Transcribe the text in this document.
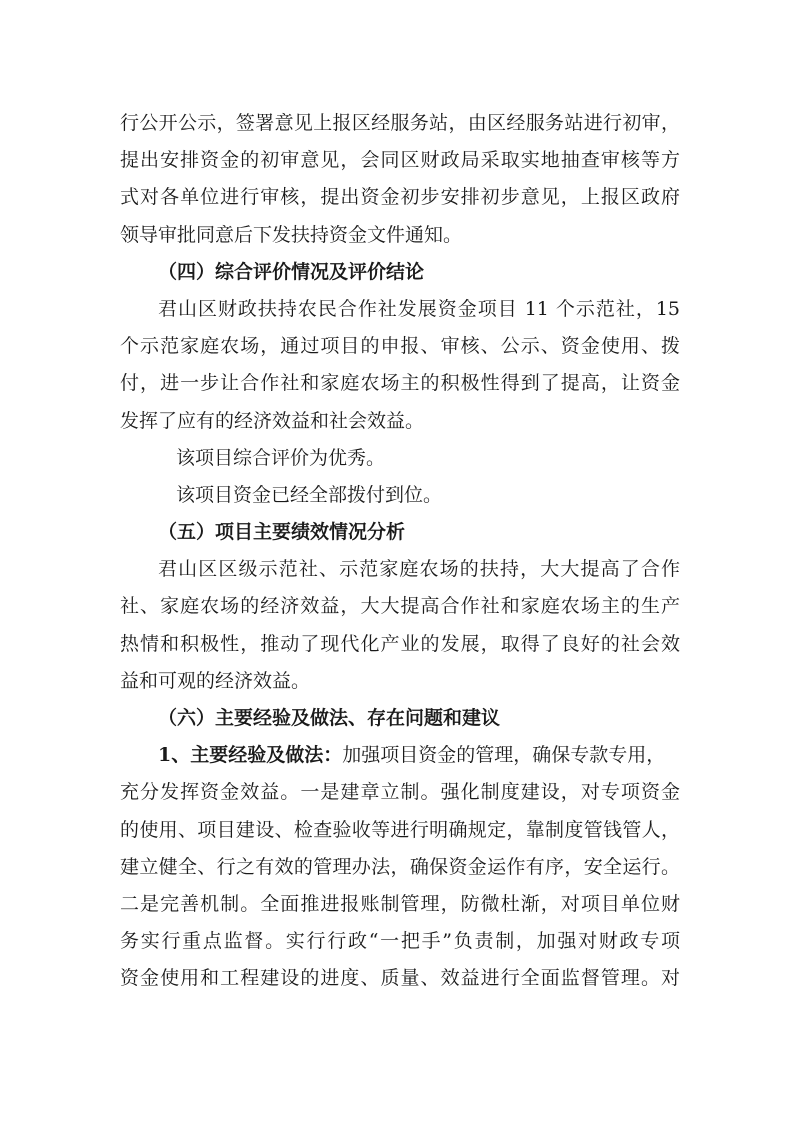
行公开公示，签署意见上报区经服务站，由区经服务站进行初审，
提出安排资金的初审意见，会同区财政局采取实地抽查审核等方
式对各单位进行审核，提出资金初步安排初步意见，上报区政府
领导审批同意后下发扶持资金文件通知。
（四）综合评价情况及评价结论
君山区财政扶持农民合作社发展资金项目 11 个示范社，15
个示范家庭农场，通过项目的申报、审核、公示、资金使用、拨
付，进一步让合作社和家庭农场主的积极性得到了提高，让资金
发挥了应有的经济效益和社会效益。
该项目综合评价为优秀。
该项目资金已经全部拨付到位。
（五）项目主要绩效情况分析
君山区区级示范社、示范家庭农场的扶持，大大提高了合作
社、家庭农场的经济效益，大大提高合作社和家庭农场主的生产
热情和积极性，推动了现代化产业的发展，取得了良好的社会效
益和可观的经济效益。
（六）主要经验及做法、存在问题和建议
1、主要经验及做法：加强项目资金的管理，确保专款专用，
充分发挥资金效益。一是建章立制。强化制度建设，对专项资金
的使用、项目建设、检查验收等进行明确规定，靠制度管钱管人，
建立健全、行之有效的管理办法，确保资金运作有序，安全运行。
二是完善机制。全面推进报账制管理，防微杜渐，对项目单位财
务实行重点监督。实行行政“一把手”负责制，加强对财政专项
资金使用和工程建设的进度、质量、效益进行全面监督管理。对
